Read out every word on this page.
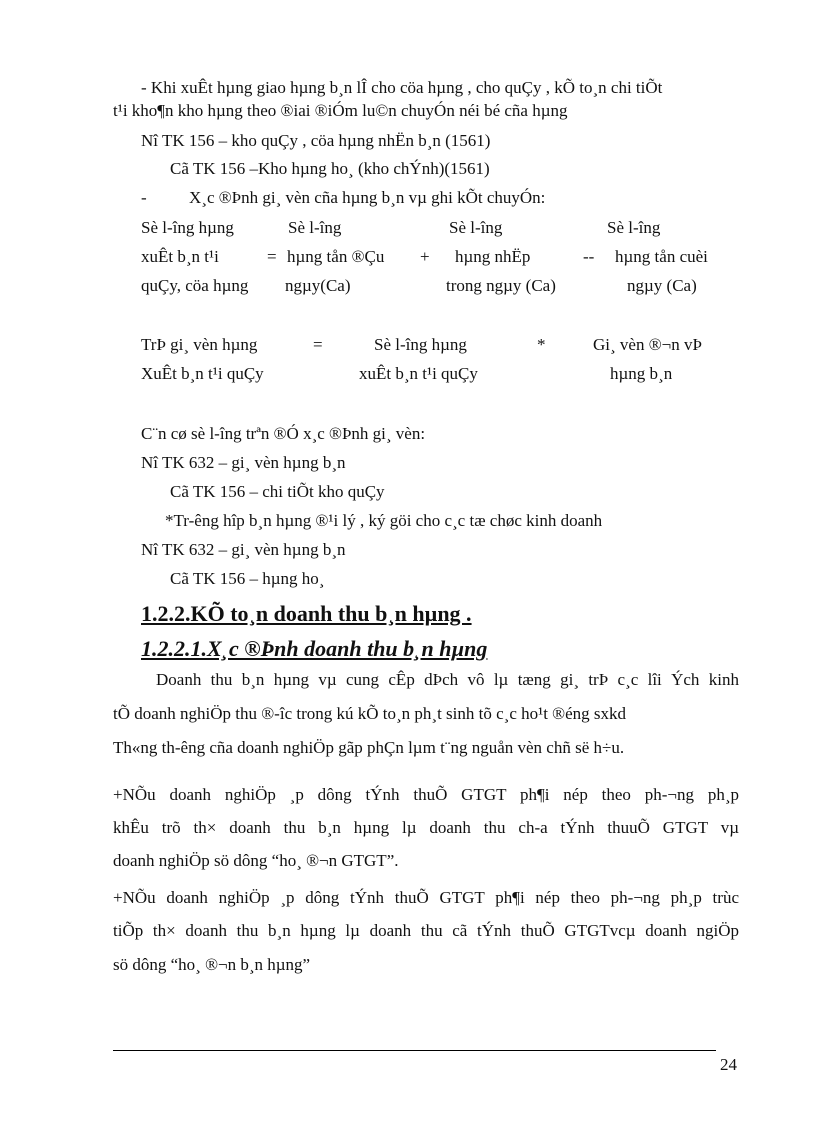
- Khi xuÊt hµng giao hµng b¸n lÎ cho cöa hµng , cho quÇy , kÕ to¸n chi tiÕt
t¹i kho¶n kho hµng theo ®iai ®iÓm lu©n chuyÓn néi bé cña hµng
Nî TK 156 – kho quÇy , cöa hµng nhËn b¸n (1561)
Cã TK 156 –Kho hµng ho¸ (kho chÝnh)(1561)
- X¸c ®Þnh gi¸ vèn cña hµng b¸n vµ ghi kÕt chuyÓn:
Sè l-îng hµng	Sè l-îng	Sè l-îng	Sè l-îng
xuÊt b¸n t¹i	= hµng tån ®Çu + hµng nhËp	-- hµng tån cuèi
quÇy, cöa hµng ngµy(Ca)	trong ngµy (Ca)	ngµy (Ca)
TrÞ gi¸ vèn hµng	=	Sè l-îng hµng	*	Gi¸ vèn ®¬n vÞ
XuÊt b¸n t¹i quÇy	xuÊt b¸n t¹i quÇy	hµng b¸n
C¨n cø sè l-îng trªn ®Ó x¸c ®Þnh gi¸ vèn:
Nî TK 632 – gi¸ vèn hµng b¸n
Cã TK 156 – chi tiÕt kho quÇy
*Tr-êng hîp b¸n hµng ®¹i lý , ký göi cho c¸c tæ chøc kinh doanh
Nî TK 632 – gi¸ vèn hµng b¸n
Cã TK 156 – hµng ho¸
1.2.2.KÕ to¸n doanh thu b¸n hµng .
1.2.2.1.X¸c ®Þnh doanh thu b¸n hµng
Doanh thu b¸n hµng vµ cung cÊp dÞch vô lµ tæng gi¸ trÞ c¸c lîi Ých kinh
tÕ doanh nghiÖp thu ®-îc trong kú kÕ to¸n ph¸t sinh tõ c¸c ho¹t ®éng sxkd
Th«ng th-êng cña doanh nghiÖp gãp phÇn lµm t¨ng nguån vèn chñ së h÷u.
+NÕu doanh nghiÖp ¸p dông tÝnh thuÕ GTGT ph¶i nép theo ph-¬ng ph¸p
khÊu trõ th× doanh thu b¸n hµng lµ doanh thu ch-a tÝnh thuuÕ GTGT vµ
doanh nghiÖp sö dông “ho¸ ®¬n GTGT”.
+NÕu doanh nghiÖp ¸p dông tÝnh thuÕ GTGT ph¶i nép theo ph-¬ng ph¸p trùc
tiÕp th× doanh thu b¸n hµng lµ doanh thu cã tÝnh thuÕ GTGTvcµ doanh ngiÖp
sö dông “ho¸ ®¬n b¸n hµng”
24
